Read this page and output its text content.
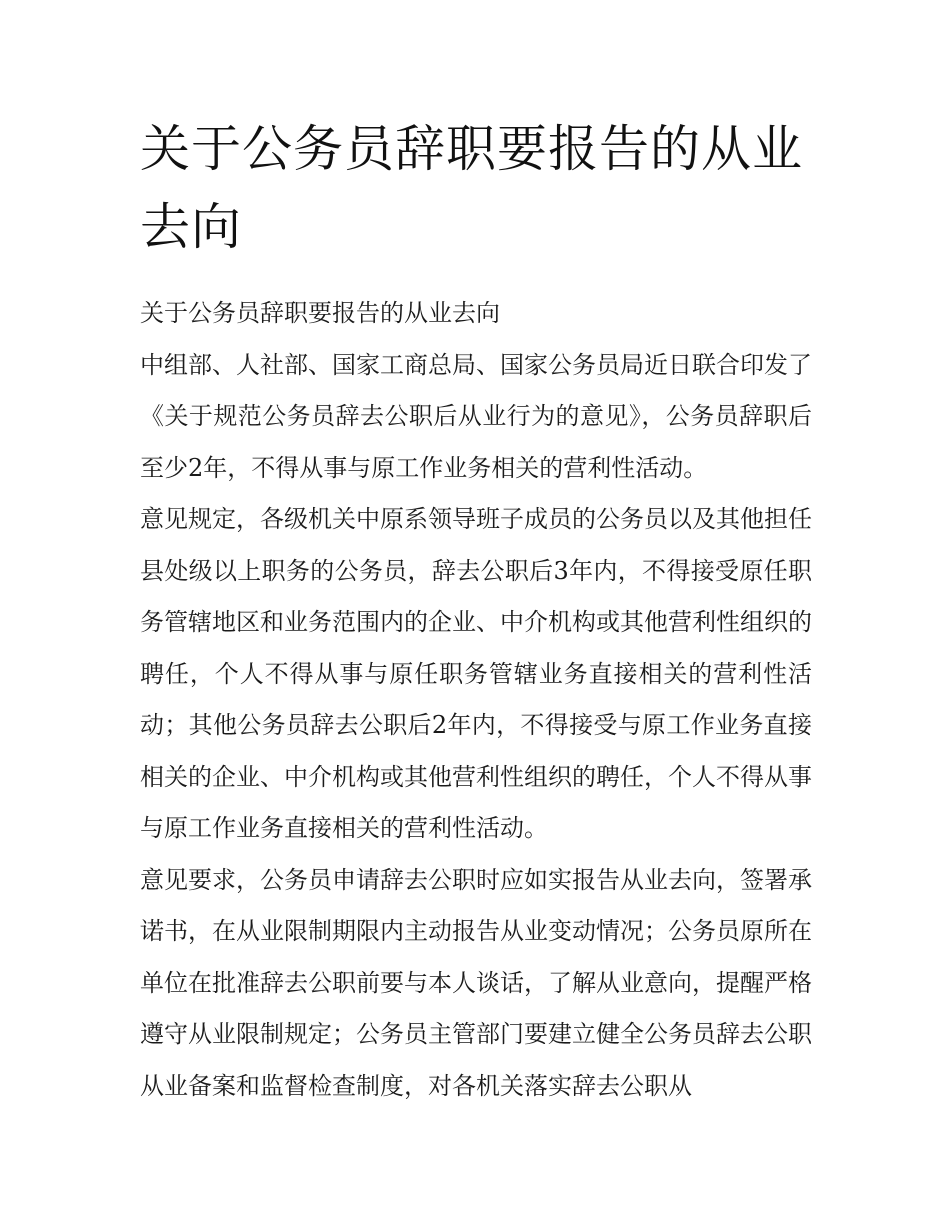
关于公务员辞职要报告的从业去向

关于公务员辞职要报告的从业去向

中组部、人社部、国家工商总局、国家公务员局近日联合印发了《关于规范公务员辞去公职后从业行为的意见》，公务员辞职后至少2年，不得从事与原工作业务相关的营利性活动。

意见规定，各级机关中原系领导班子成员的公务员以及其他担任县处级以上职务的公务员，辞去公职后3年内，不得接受原任职务管辖地区和业务范围内的企业、中介机构或其他营利性组织的聘任，个人不得从事与原任职务管辖业务直接相关的营利性活动；其他公务员辞去公职后2年内，不得接受与原工作业务直接相关的企业、中介机构或其他营利性组织的聘任，个人不得从事与原工作业务直接相关的营利性活动。

意见要求，公务员申请辞去公职时应如实报告从业去向，签署承诺书，在从业限制期限内主动报告从业变动情况；公务员原所在单位在批准辞去公职前要与本人谈话，了解从业意向，提醒严格遵守从业限制规定；公务员主管部门要建立健全公务员辞去公职从业备案和监督检查制度，对各机关落实辞去公职从
